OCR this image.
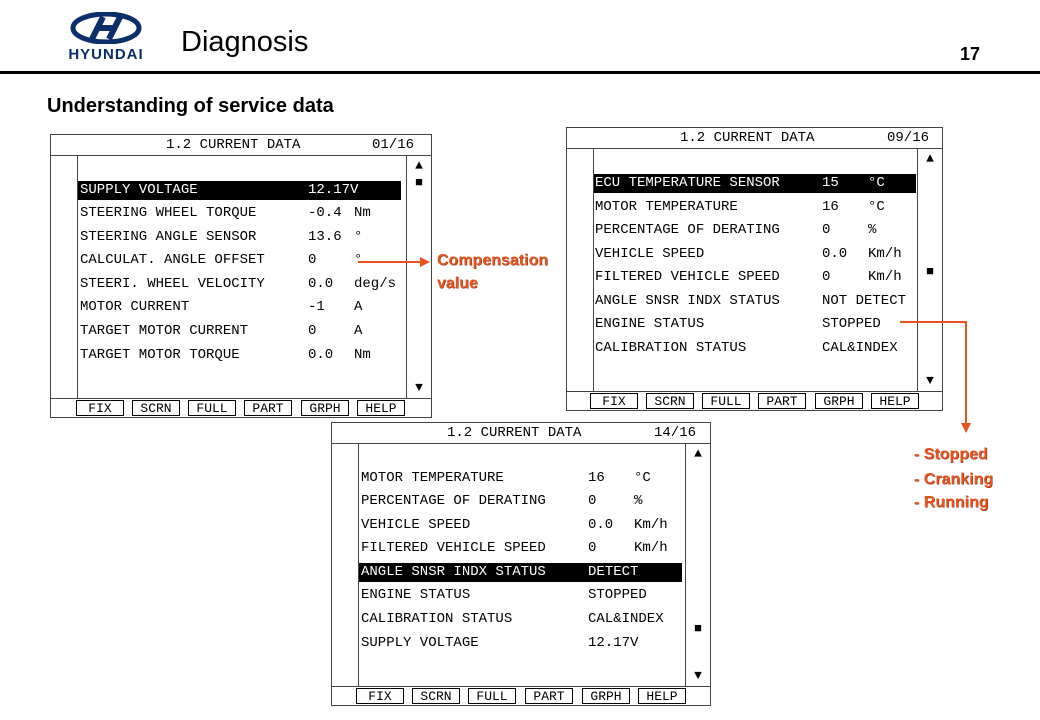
HYUNDAI	Diagnosis	17
Understanding of service data
1.2 CURRENT DATA	01/16
SUPPLY VOLTAGE	12.17V
STEERING WHEEL TORQUE	-0.4 Nm
STEERING ANGLE SENSOR	13.6 °
CALCULAT. ANGLE OFFSET	0	°
STEERI. WHEEL VELOCITY	0.0 deg/s
MOTOR CURRENT	-1 A
TARGET MOTOR CURRENT	0	A
TARGET MOTOR TORQUE	0.0 Nm
▲
■
▼
FIX	SCRN	FULL	PART	GRPH	HELP
1.2 CURRENT DATA	09/16
ECU TEMPERATURE SENSOR	15 °C
MOTOR TEMPERATURE	16 °C
PERCENTAGE OF DERATING	0	%
VEHICLE SPEED	0.0 Km/h
FILTERED VEHICLE SPEED	0	Km/h
ANGLE SNSR INDX STATUS	NOT DETECT
ENGINE STATUS	STOPPED
CALIBRATION STATUS	CAL&INDEX
▲
■
▼
FIX	SCRN	FULL	PART	GRPH	HELP
1.2 CURRENT DATA	14/16
MOTOR TEMPERATURE	16 °C
PERCENTAGE OF DERATING	0	%
VEHICLE SPEED	0.0 Km/h
FILTERED VEHICLE SPEED	0	Km/h
ANGLE SNSR INDX STATUS	DETECT
ENGINE STATUS	STOPPED
CALIBRATION STATUS	CAL&INDEX
SUPPLY VOLTAGE	12.17V
▲
■
▼
FIX	SCRN	FULL	PART	GRPH	HELP
Compensation
value
- Stopped
- Cranking
- Running
